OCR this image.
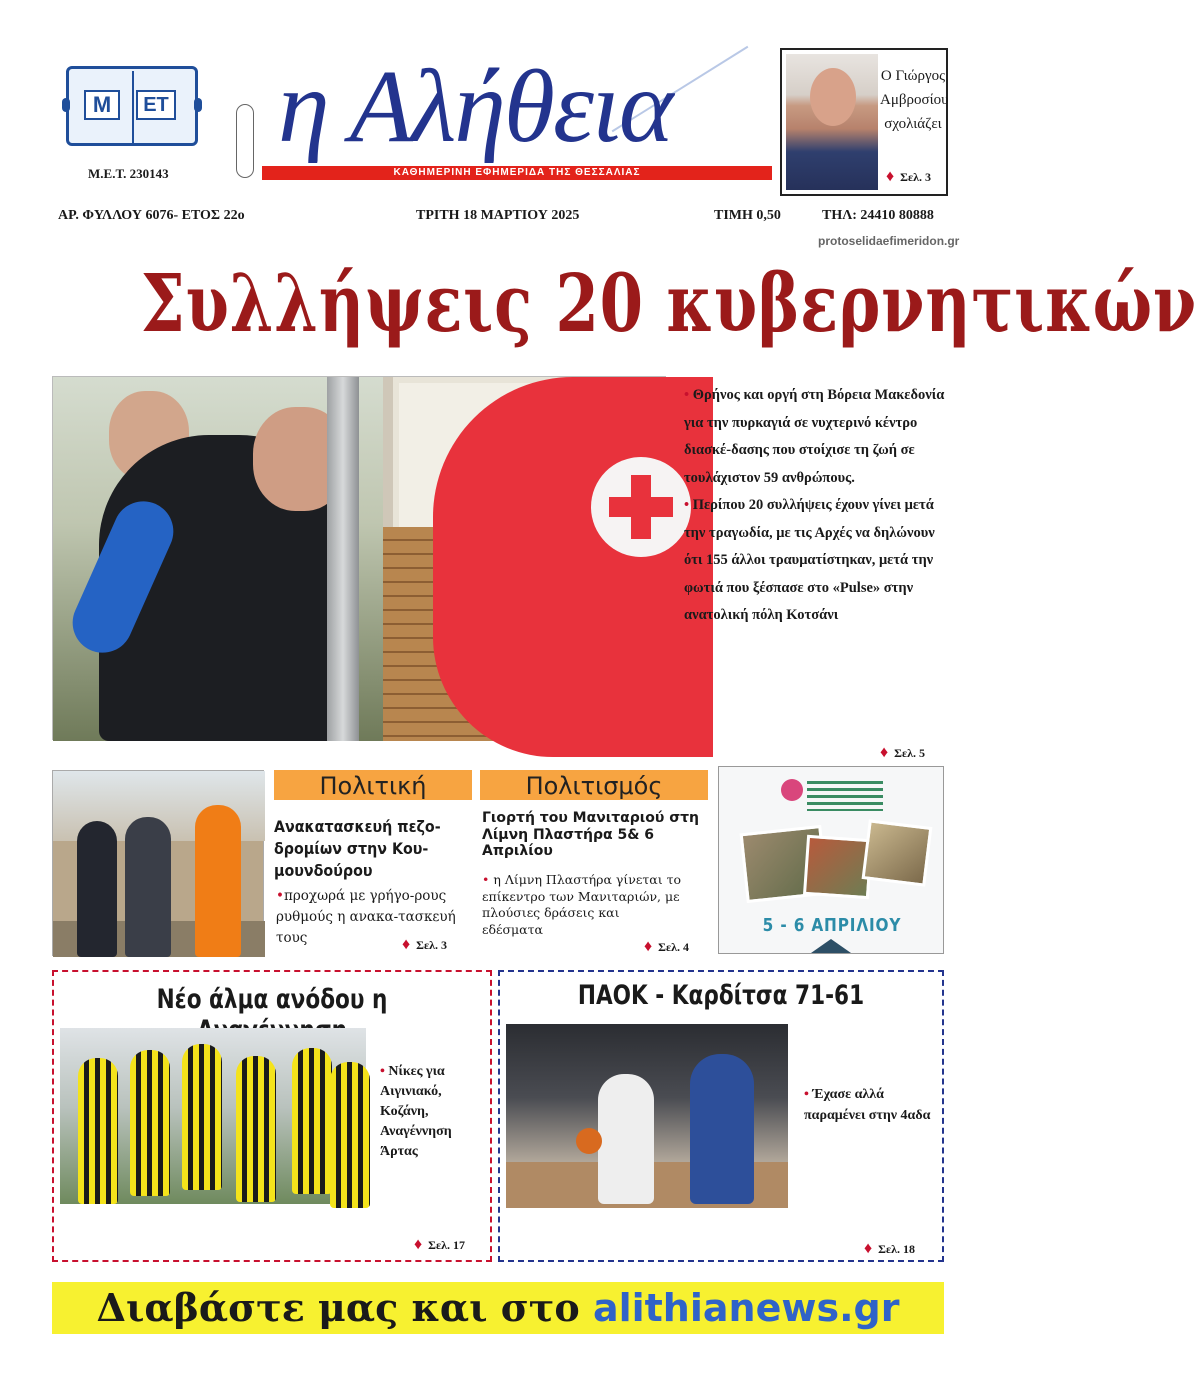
Μ	ΕΤ
Μ.Ε.Τ. 230143
η Αλήθεια
ΚΑΘΗΜΕΡΙΝΗ ΕΦΗΜΕΡΙΔΑ ΤΗΣ ΘΕΣΣΑΛΙΑΣ
Ο Γιώργος
Αμβροσίου
σχολιάζει
♦ Σελ. 3
ΑΡ. ΦΥΛΛΟΥ 6076- ΕΤΟΣ 22ο	ΤΡΙΤΗ 18 ΜΑΡΤΙΟΥ 2025	ΤΙΜΗ 0,50	ΤΗΛ: 24410 80888
protoselidaefimeridon.gr
Συλλήψεις 20 κυβερνητικών

• Θρήνος και οργή στη Βόρεια Μακεδονία για την πυρκαγιά σε νυχτερινό κέντρο διασκέ-δασης που στοίχισε τη ζωή σε τουλάχιστον 59 ανθρώπους.

• Περίπου 20 συλλήψεις έχουν γίνει μετά την τραγωδία, με τις Αρχές να δηλώνουν ότι 155 άλλοι τραυματίστηκαν, μετά την φωτιά που ξέσπασε στο «Pulse» στην ανατολική πόλη Κοτσάνι

♦ Σελ. 5
Πολιτική
Ανακατασκευή πεζο-δρομίων στην Κου-μουνδούρου
•προχωρά με γρήγο-ρους ρυθμούς η ανακα-τασκευή τους	♦ Σελ. 3
Πολιτισμός
Γιορτή του Μανιταριού στη Λίμνη Πλαστήρα 5& 6 Απριλίου
• η Λίμνη Πλαστήρα γίνεται το επίκεντρο των Μανιταριών, με πλούσιες δράσεις και εδέσματα
♦ Σελ. 4
5 - 6 ΑΠΡΙΛΙΟΥ
Νέο άλμα ανόδου η
• Νίκες για Αιγινιακό, Κοζάνη, Αναγέννηση Άρτας
♦ Σελ. 17
ΠΑΟΚ - Καρδίτσα 71-61
• Έχασε αλλά παραμένει στην 4αδα
♦ Σελ. 18
Διαβάστε μας και στο alithianews.gr
